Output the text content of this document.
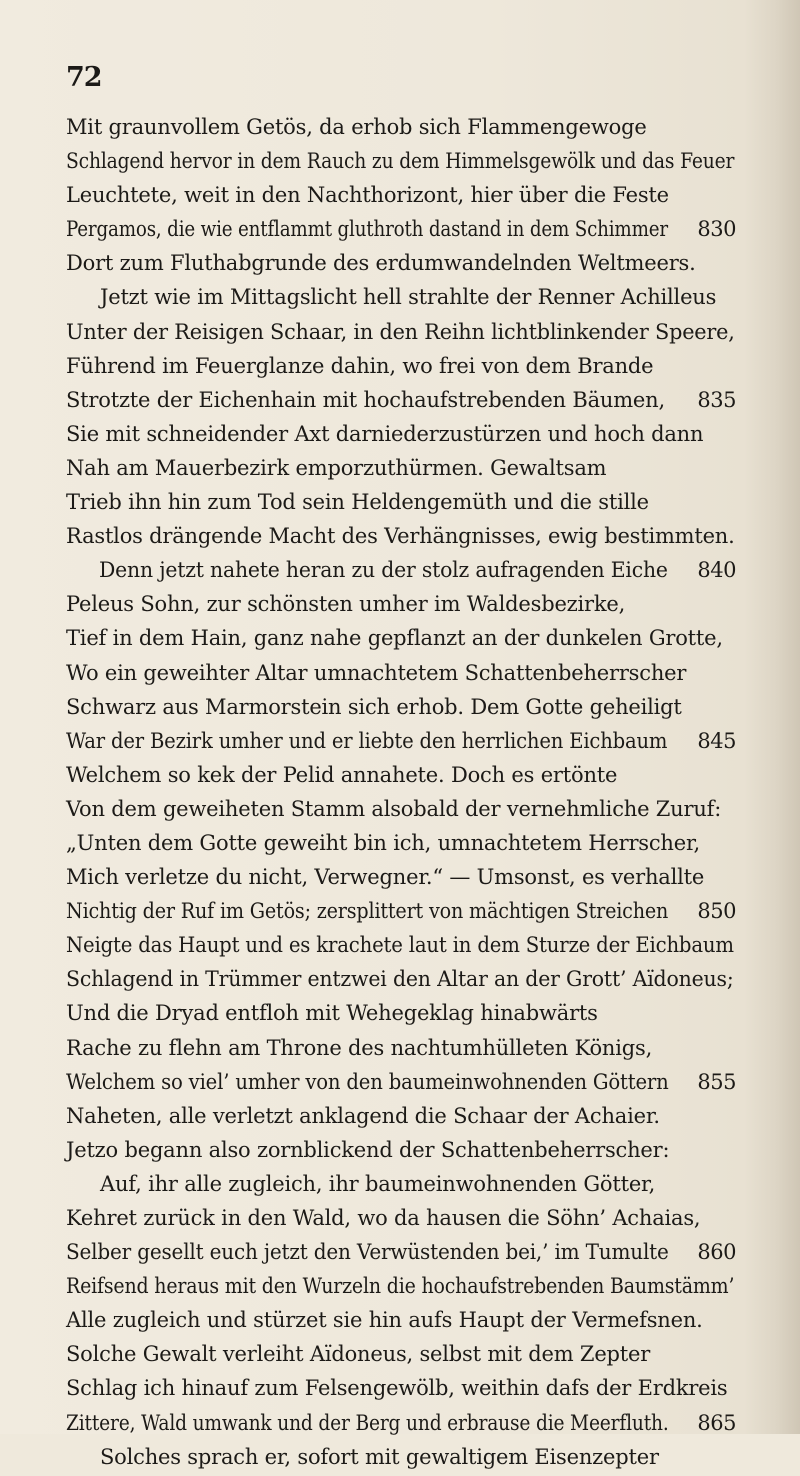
72
Mit graunvollem Getös, da erhob sich Flammengewoge
Schlagend hervor in dem Rauch zu dem Himmelsgewölk und das Feuer
Leuchtete, weit in den Nachthorizont, hier über die Feste
Pergamos, die wie entflammt gluthroth dastand in dem Schimmer 830
Dort zum Fluthabgrunde des erdumwandelnden Weltmeers.
Jetzt wie im Mittagslicht hell strahlte der Renner Achilleus
Unter der Reisigen Schaar, in den Reihn lichtblinkender Speere,
Führend im Feuerglanze dahin, wo frei von dem Brande
Strotzte der Eichenhain mit hochaufstrebenden Bäumen, 835
Sie mit schneidender Axt darniederzustürzen und hoch dann
Nah am Mauerbezirk emporzuthürmen. Gewaltsam
Trieb ihn hin zum Tod sein Heldengemüth und die stille
Rastlos drängende Macht des Verhängnisses, ewig bestimmten.
Denn jetzt nahete heran zu der stolz aufragenden Eiche 840
Peleus Sohn, zur schönsten umher im Waldesbezirke,
Tief in dem Hain, ganz nahe gepflanzt an der dunkelen Grotte,
Wo ein geweihter Altar umnachtetem Schattenbeherrscher
Schwarz aus Marmorstein sich erhob. Dem Gotte geheiligt
War der Bezirk umher und er liebte den herrlichen Eichbaum 845
Welchem so kek der Pelid annahete. Doch es ertönte
Von dem geweiheten Stamm alsobald der vernehmliche Zuruf:
„Unten dem Gotte geweiht bin ich, umnachtetem Herrscher,
Mich verletze du nicht, Verwegner.“ — Umsonst, es verhallte
Nichtig der Ruf im Getös; zersplittert von mächtigen Streichen 850
Neigte das Haupt und es krachete laut in dem Sturze der Eichbaum
Schlagend in Trümmer entzwei den Altar an der Grott’ Aïdoneus;
Und die Dryad entfloh mit Wehegeklag hinabwärts
Rache zu flehn am Throne des nachtumhülleten Königs,
Welchem so viel’ umher von den baumeinwohnenden Göttern 855
Naheten, alle verletzt anklagend die Schaar der Achaier.
Jetzo begann also zornblickend der Schattenbeherrscher:
Auf, ihr alle zugleich, ihr baumeinwohnenden Götter,
Kehret zurück in den Wald, wo da hausen die Söhn’ Achaias,
Selber gesellt euch jetzt den Verwüstenden bei,’ im Tumulte 860
Reifsend heraus mit den Wurzeln die hochaufstrebenden Baumstämm’
Alle zugleich und stürzet sie hin aufs Haupt der Vermefsnen.
Solche Gewalt verleiht Aïdoneus, selbst mit dem Zepter
Schlag ich hinauf zum Felsengewölb, weithin dafs der Erdkreis
Zittere, Wald umwank und der Berg und erbrause die Meerfluth. 865
Solches sprach er, sofort mit gewaltigem Eisenzepter
